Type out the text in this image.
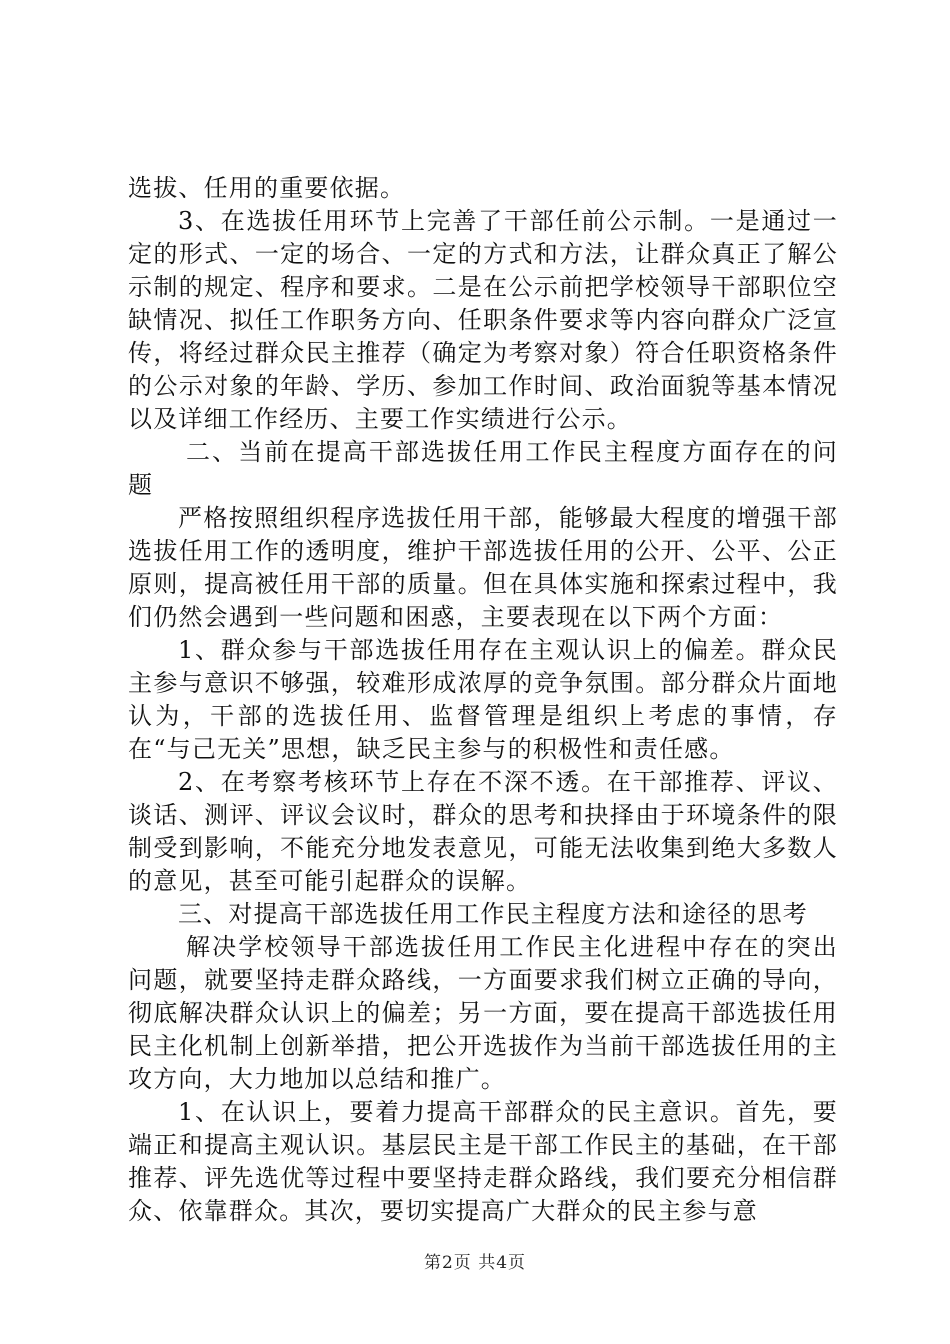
选拔、任用的重要依据。

3、在选拔任用环节上完善了干部任前公示制。一是通过一定的形式、一定的场合、一定的方式和方法，让群众真正了解公示制的规定、程序和要求。二是在公示前把学校领导干部职位空缺情况、拟任工作职务方向、任职条件要求等内容向群众广泛宣传，将经过群众民主推荐（确定为考察对象）符合任职资格条件的公示对象的年龄、学历、参加工作时间、政治面貌等基本情况以及详细工作经历、主要工作实绩进行公示。

二、当前在提高干部选拔任用工作民主程度方面存在的问题

严格按照组织程序选拔任用干部，能够最大程度的增强干部选拔任用工作的透明度，维护干部选拔任用的公开、公平、公正原则，提高被任用干部的质量。但在具体实施和探索过程中，我们仍然会遇到一些问题和困惑，主要表现在以下两个方面：

1、群众参与干部选拔任用存在主观认识上的偏差。群众民主参与意识不够强，较难形成浓厚的竞争氛围。部分群众片面地认为，干部的选拔任用、监督管理是组织上考虑的事情，存在“与己无关”思想，缺乏民主参与的积极性和责任感。

2、在考察考核环节上存在不深不透。在干部推荐、评议、谈话、测评、评议会议时，群众的思考和抉择由于环境条件的限制受到影响，不能充分地发表意见，可能无法收集到绝大多数人的意见，甚至可能引起群众的误解。

三、对提高干部选拔任用工作民主程度方法和途径的思考

解决学校领导干部选拔任用工作民主化进程中存在的突出问题，就要坚持走群众路线，一方面要求我们树立正确的导向，彻底解决群众认识上的偏差；另一方面，要在提高干部选拔任用民主化机制上创新举措，把公开选拔作为当前干部选拔任用的主攻方向，大力地加以总结和推广。

1、在认识上，要着力提高干部群众的民主意识。首先，要端正和提高主观认识。基层民主是干部工作民主的基础，在干部推荐、评先选优等过程中要坚持走群众路线，我们要充分相信群众、依靠群众。其次，要切实提高广大群众的民主参与意

第2页 共4页
